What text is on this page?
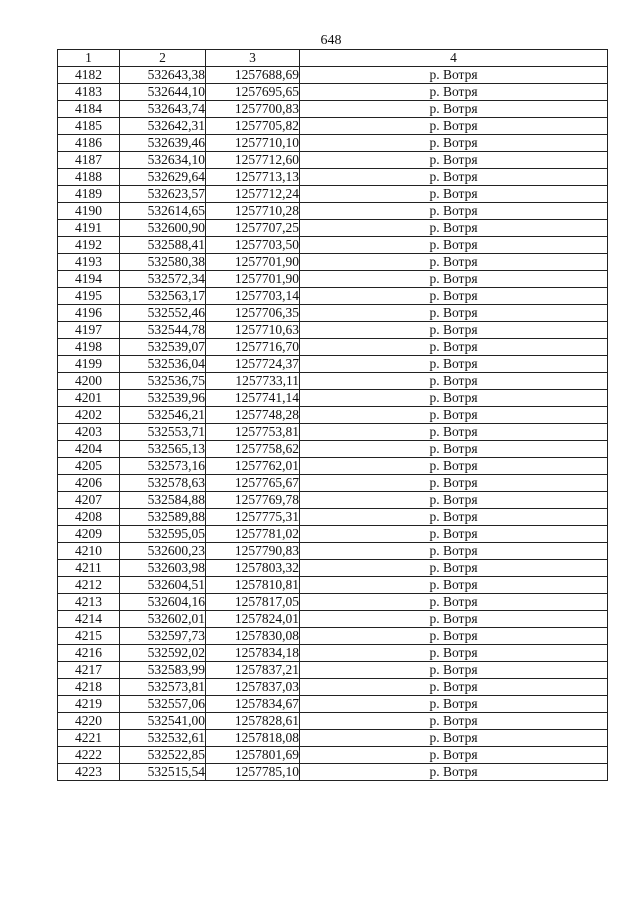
648
1	2	3	4
4182	532643,38	1257688,69	р. Вотря
4183	532644,10	1257695,65	р. Вотря
4184	532643,74	1257700,83	р. Вотря
4185	532642,31	1257705,82	р. Вотря
4186	532639,46	1257710,10	р. Вотря
4187	532634,10	1257712,60	р. Вотря
4188	532629,64	1257713,13	р. Вотря
4189	532623,57	1257712,24	р. Вотря
4190	532614,65	1257710,28	р. Вотря
4191	532600,90	1257707,25	р. Вотря
4192	532588,41	1257703,50	р. Вотря
4193	532580,38	1257701,90	р. Вотря
4194	532572,34	1257701,90	р. Вотря
4195	532563,17	1257703,14	р. Вотря
4196	532552,46	1257706,35	р. Вотря
4197	532544,78	1257710,63	р. Вотря
4198	532539,07	1257716,70	р. Вотря
4199	532536,04	1257724,37	р. Вотря
4200	532536,75	1257733,11	р. Вотря
4201	532539,96	1257741,14	р. Вотря
4202	532546,21	1257748,28	р. Вотря
4203	532553,71	1257753,81	р. Вотря
4204	532565,13	1257758,62	р. Вотря
4205	532573,16	1257762,01	р. Вотря
4206	532578,63	1257765,67	р. Вотря
4207	532584,88	1257769,78	р. Вотря
4208	532589,88	1257775,31	р. Вотря
4209	532595,05	1257781,02	р. Вотря
4210	532600,23	1257790,83	р. Вотря
4211	532603,98	1257803,32	р. Вотря
4212	532604,51	1257810,81	р. Вотря
4213	532604,16	1257817,05	р. Вотря
4214	532602,01	1257824,01	р. Вотря
4215	532597,73	1257830,08	р. Вотря
4216	532592,02	1257834,18	р. Вотря
4217	532583,99	1257837,21	р. Вотря
4218	532573,81	1257837,03	р. Вотря
4219	532557,06	1257834,67	р. Вотря
4220	532541,00	1257828,61	р. Вотря
4221	532532,61	1257818,08	р. Вотря
4222	532522,85	1257801,69	р. Вотря
4223	532515,54	1257785,10	р. Вотря
